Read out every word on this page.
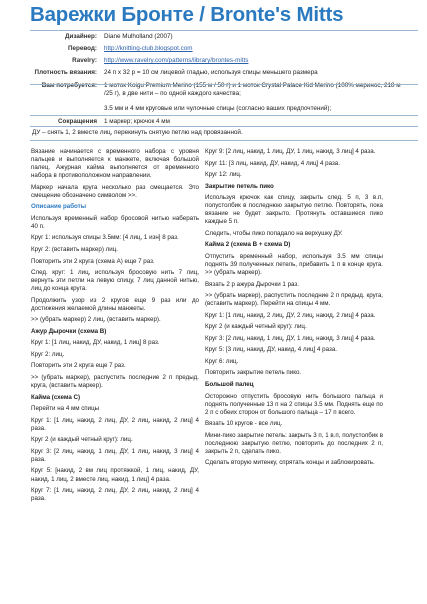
Варежки Бронте / Bronte's Mitts
Дизайнер: Diane Mulholland (2007)
Перевод: http://knitting-club.blogspot.com
Ravelry: http://www.ravelry.com/patterns/library/brontes-mitts
Плотность вязания: 24 п x 32 р = 10 см лицевой гладью, используя спицы меньшего размера
Вам потребуется: 1 моток Koigu Premium Merino (155 м / 50 г) и 1 моток Crystal Palace Kid Merino (100% меринос, 218 м /25 г), в две нити – по одной каждого качества;
3.5 мм и 4 мм круговые или чулочные спицы (согласно ваших предпочтений);
Сокращения 1 маркер; крючок 4 мм
ДУ – снять 1, 2 вместе лиц, перекинуть снятую петлю над провязанной.
Вязание начинается с временного набора с уровня пальцев и выполняется к манжете, включая большой палец. Ажурная кайма выполняется от временного набора в противоположном направлении.
Маркер начала круга несколько раз смещается. Это смещение обозначено символом >>.
Описание работы
Используя временный набор бросовой нитью наберать 40 п.
Круг 1: используя спицы 3.5мм: [4 лиц, 1 изн] 8 раз.
Круг 2: (вставить маркер) лиц.
Повторить эти 2 круга (схема А) еще 7 раз.
След. круг: 1 лиц, используя бросовую нить 7 лиц, вернуть эти петли на левую спицу, 7 лиц данной нитью, лиц до конца круга.
Продолжить узор из 2 кругов еще 9 раз или до достижения желаемой длины манжеты.
>> (убрать маркер) 2 лиц, (вставить маркер).
Ажур Дырочки (схема В)
Круг 1: [1 лиц, накид, ДУ, накид, 1 лиц] 8 раз.
Круг 2: лиц.
Повторить эти 2 круга еще 7 раз.
>> (убрать маркер), распустить последние 2 п предыд. круга, (вставить маркер).
Кайма (схема С)
Перейти на 4 мм спицы
Круг 1: [1 лиц, накид, 2 лиц, ДУ, 2 лиц, накид, 2 лиц] 4 раза.
Круг 2 (и каждый четный круг): лиц.
Круг 3: [2 лиц, накид, 1 лиц, ДУ, 1 лиц, накид, 3 лиц] 4 раза.
Круг 5: [накид, 2 вм лиц протяжкой, 1 лиц, накид, ДУ, накид, 1 лиц, 2 вместе лиц, накид, 1 лиц] 4 раза.
Круг 7: [1 лиц, накид, 2 лиц, ДУ, 2 лиц, накид, 2 лиц] 4 раза.
Круг 9: [2 лиц, накид, 1 лиц, ДУ, 1 лиц, накид, 3 лиц] 4 раза.
Круг 11: [3 лиц, накид, ДУ, накид, 4 лиц] 4 раза.
Круг 12: лиц.
Закрытие петель пико
Используя крючок как спицу, закрыть след. 5 п, 3 в.п, полустолбик в последнюю закрытую петлю. Повторять, пока вязание не будет закрыто. Протянуть оставшиеся пико каждые 5 п.
Следить, чтобы пико попадало на верхушку ДУ.
Кайма 2 (схема В + схема D)
Отпустить временный набор, используя 3.5 мм спицы поднять 39 полученных петель, прибавить 1 п в конце круга. >> (убрать маркер).
Вязать 2 р ажура Дырочки 1 раз.
>> (убрать маркер), распустить последние 2 п предыд. круга, (вставить маркер). Перейти на спицы 4 мм.
Круг 1: [1 лиц, накид, 2 лиц, ДУ, 2 лиц, накид, 2 лиц] 4 раза.
Круг 2 (и каждый четный круг): лиц.
Круг 3: [2 лиц, накид, 1 лиц, ДУ, 1 лиц, накид, 3 лиц] 4 раза.
Круг 5: [3 лиц, накид, ДУ, накид, 4 лиц] 4 раза.
Круг 6: лиц.
Повторить закрытие петель пико.
Большой палец
Осторожно отпустить бросовую нить большого пальца и поднять полученные 13 п на 2 спицы 3.5 мм. Поднять еще по 2 п с обеих сторон от большого пальца – 17 п всего.
Вязать 10 кругов - все лиц.
Мини-пико закрытие петель: закрыть 3 п, 1 в.п, полустолбик в последнюю закрытую петлю, повторить до последних 2 п, закрыть 2 п, сделать пико.
Сделать вторую митенку, спрятать концы и заблокировать.
